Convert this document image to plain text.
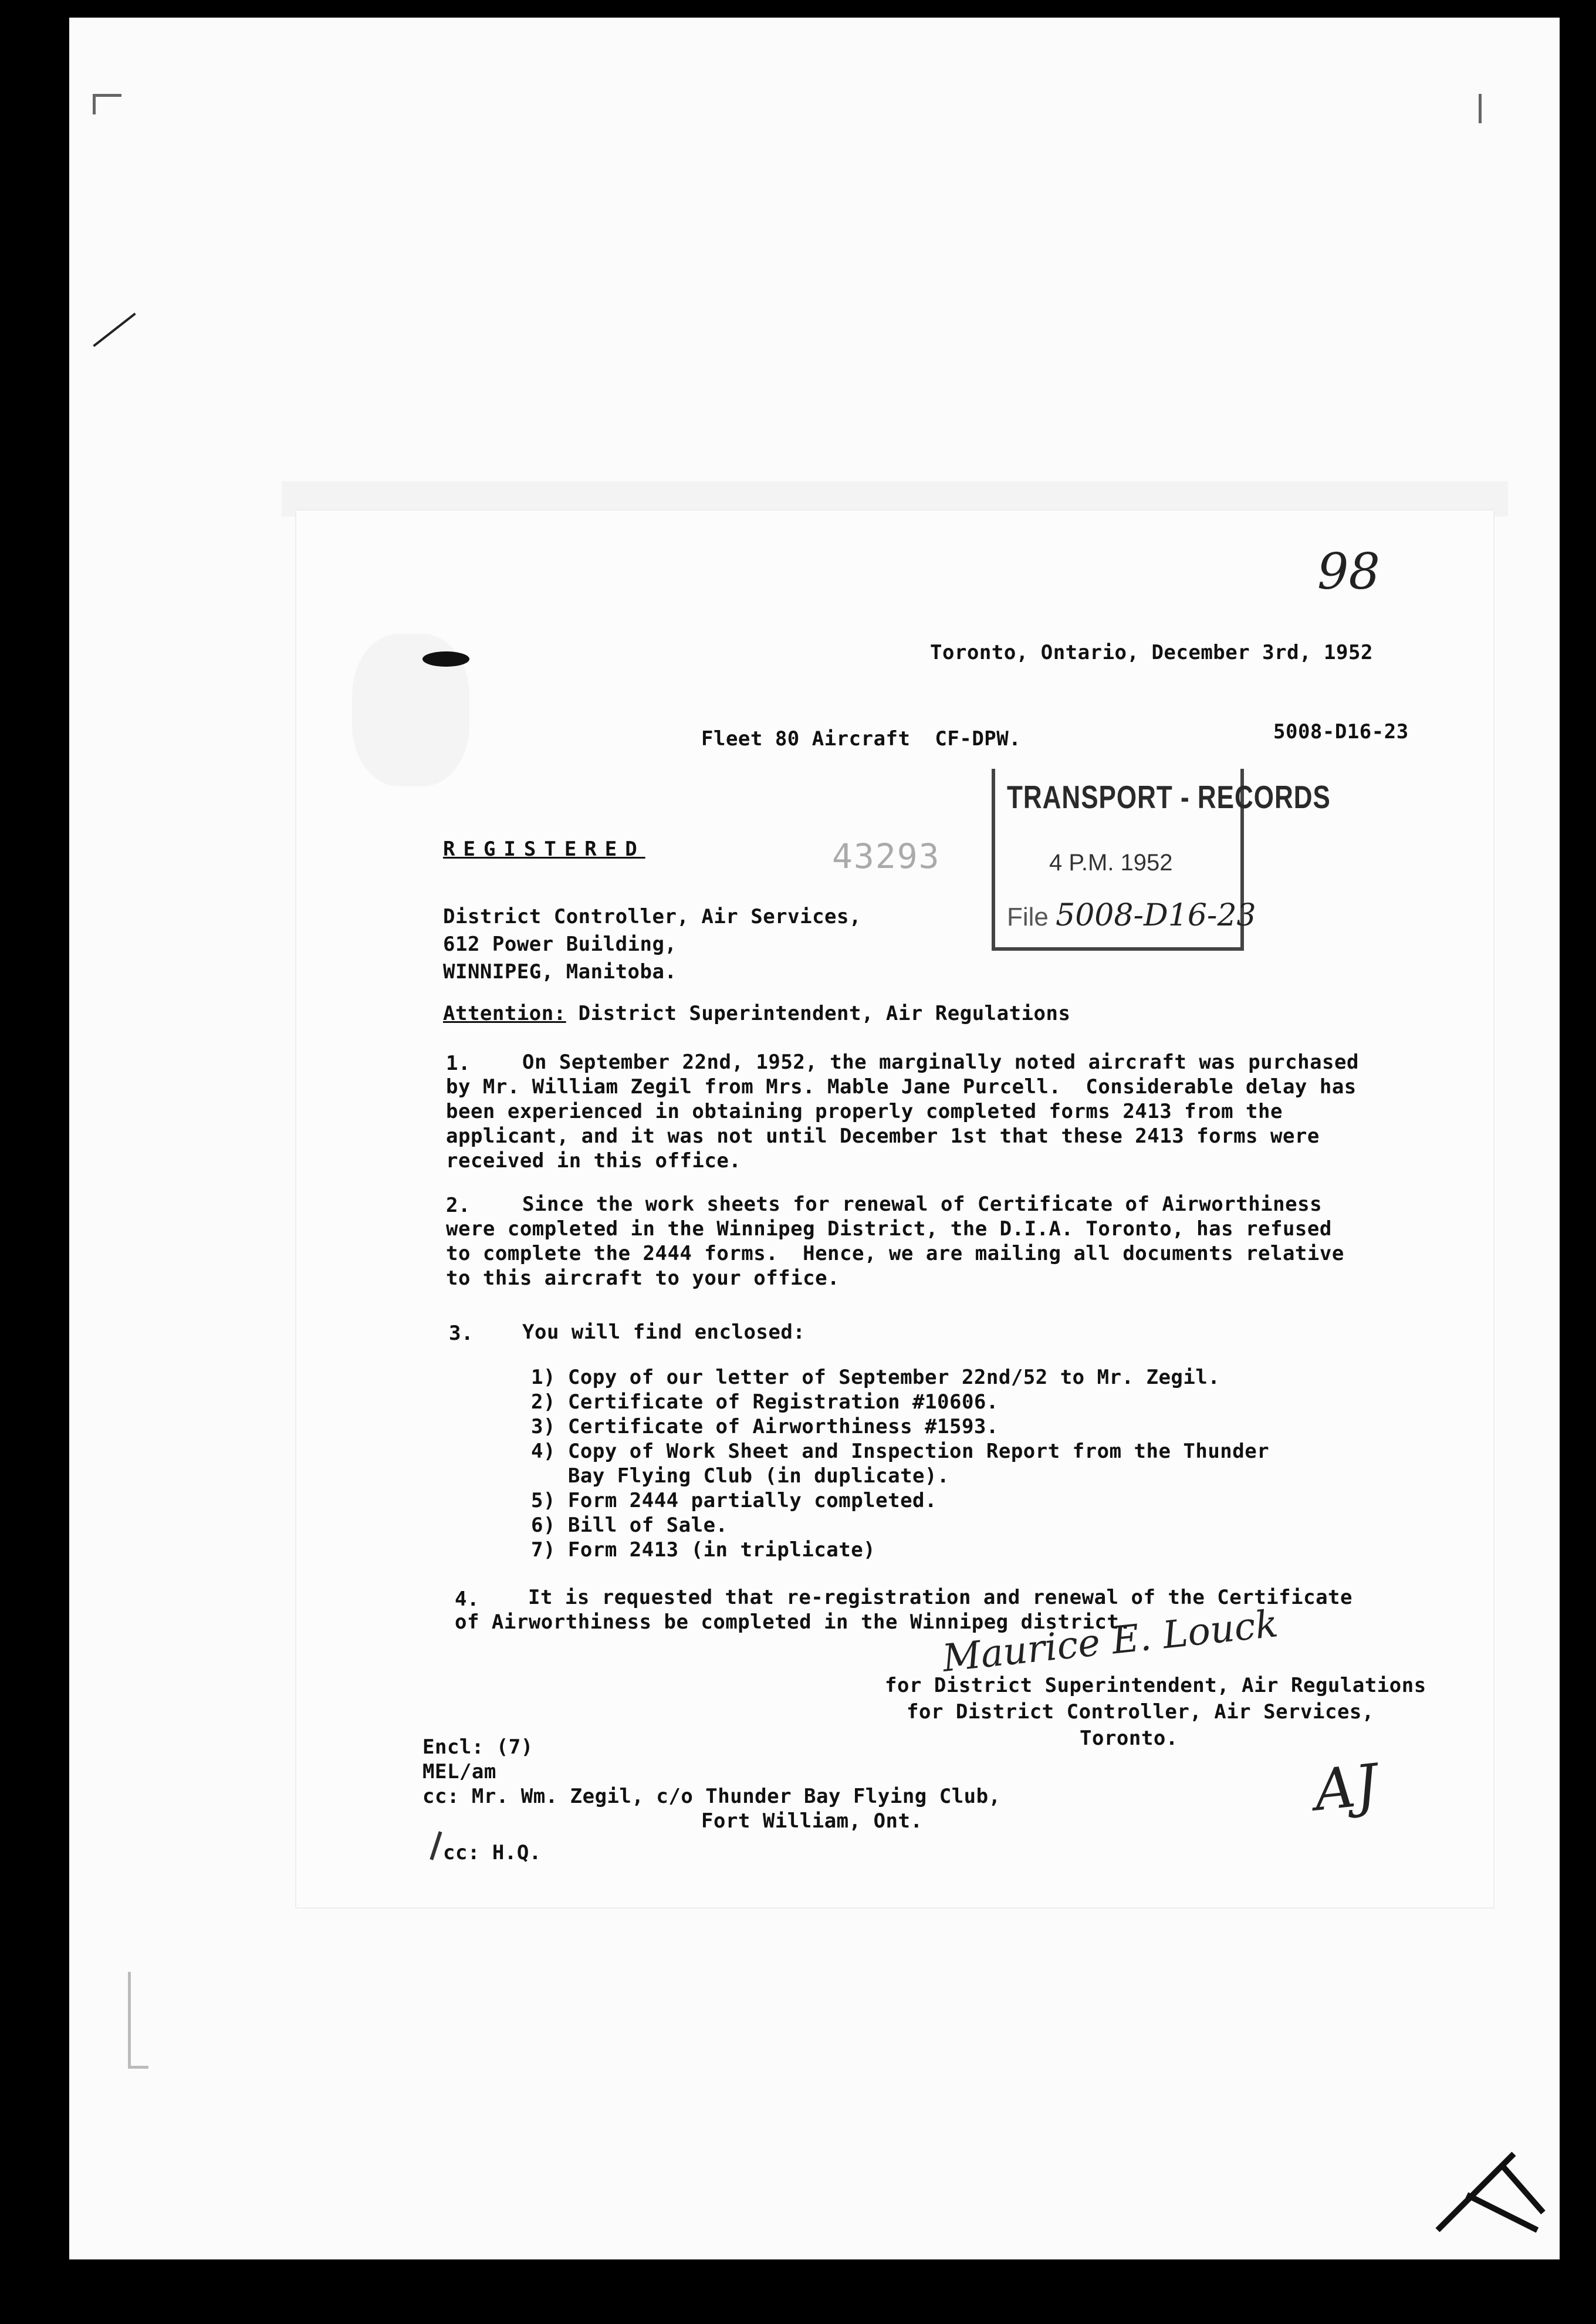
98
Toronto, Ontario, December 3rd, 1952
Fleet 80 Aircraft  CF-DPW.	5008-D16-23
REGISTERED	43293
TRANSPORT - RECORDS
4 P.M. 1952
File 5008-D16-23
District Controller, Air Services,
612 Power Building,
WINNIPEG, Manitoba.
Attention: District Superintendent, Air Regulations
1.	On September 22nd, 1952, the marginally noted aircraft was purchased
by Mr. William Zegil from Mrs. Mable Jane Purcell.  Considerable delay has
been experienced in obtaining properly completed forms 2413 from the
applicant, and it was not until December 1st that these 2413 forms were
received in this office.
2.	Since the work sheets for renewal of Certificate of Airworthiness
were completed in the Winnipeg District, the D.I.A. Toronto, has refused
to complete the 2444 forms.  Hence, we are mailing all documents relative
to this aircraft to your office.
3. You will find enclosed:
1) Copy of our letter of September 22nd/52 to Mr. Zegil.
2) Certificate of Registration #10606.
3) Certificate of Airworthiness #1593.
4) Copy of Work Sheet and Inspection Report from the Thunder
Bay Flying Club (in duplicate).
5) Form 2444 partially completed.
6) Bill of Sale.
7) Form 2413 (in triplicate)
4. It is requested that re-registration and renewal of the Certificate
of Airworthiness be completed in the Winnipeg district.
Maurice E. Louck
for District Superintendent, Air Regulations
for District Controller, Air Services,
Toronto.
Encl: (7)
MEL/am
cc: Mr. Wm. Zegil, c/o Thunder Bay Flying Club,
Fort William, Ont.
cc: H.Q.
AJ
